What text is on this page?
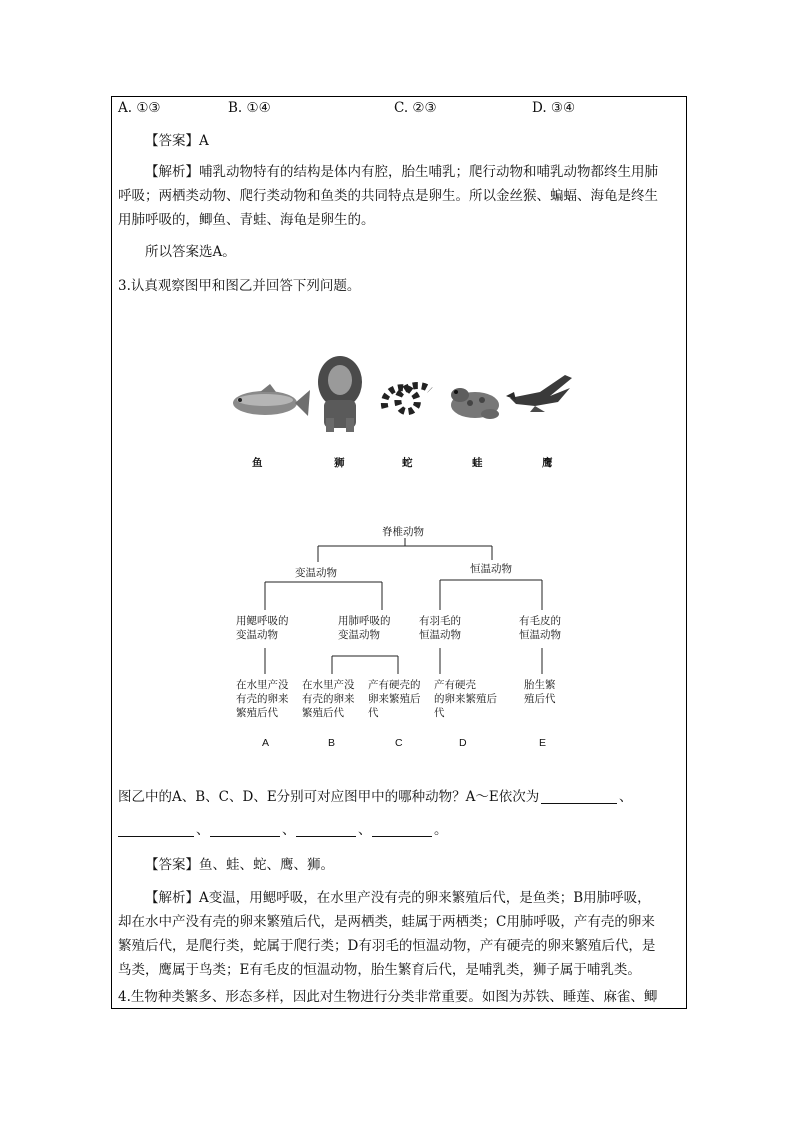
A. ①③	B. ①④	C. ②③	D. ③④
【答案】A
【解析】哺乳动物特有的结构是体内有腔，胎生哺乳；爬行动物和哺乳动物都终生用肺
呼吸；两栖类动物、爬行类动物和鱼类的共同特点是卵生。所以金丝猴、蝙蝠、海龟是终生
用肺呼吸的，鲫鱼、青蛙、海龟是卵生的。
所以答案选A。
3.认真观察图甲和图乙并回答下列问题。
鱼	狮	蛇	蛙	鹰
脊椎动物
变温动物	恒温动物
用鳃呼吸的
变温动物
用肺呼吸的
变温动物
有羽毛的
恒温动物
有毛皮的
恒温动物
在水里产没
有壳的卵来
繁殖后代
在水里产没
有壳的卵来
繁殖后代
产有硬壳的
卵来繁殖后
代
产有硬壳
的卵来繁殖后
代
胎生繁
殖后代
A	B	C	D	E
图乙中的A、B、C、D、E分别可对应图甲中的哪种动物？A～E依次为	、
、	、	、	。
【答案】鱼、蛙、蛇、鹰、狮。
【解析】A变温，用鳃呼吸，在水里产没有壳的卵来繁殖后代，是鱼类；B用肺呼吸，
却在水中产没有壳的卵来繁殖后代，是两栖类，蛙属于两栖类；C用肺呼吸，产有壳的卵来
繁殖后代，是爬行类，蛇属于爬行类；D有羽毛的恒温动物，产有硬壳的卵来繁殖后代，是
鸟类，鹰属于鸟类；E有毛皮的恒温动物，胎生繁育后代，是哺乳类，狮子属于哺乳类。
4.生物种类繁多、形态多样，因此对生物进行分类非常重要。如图为苏铁、睡莲、麻雀、鲫
